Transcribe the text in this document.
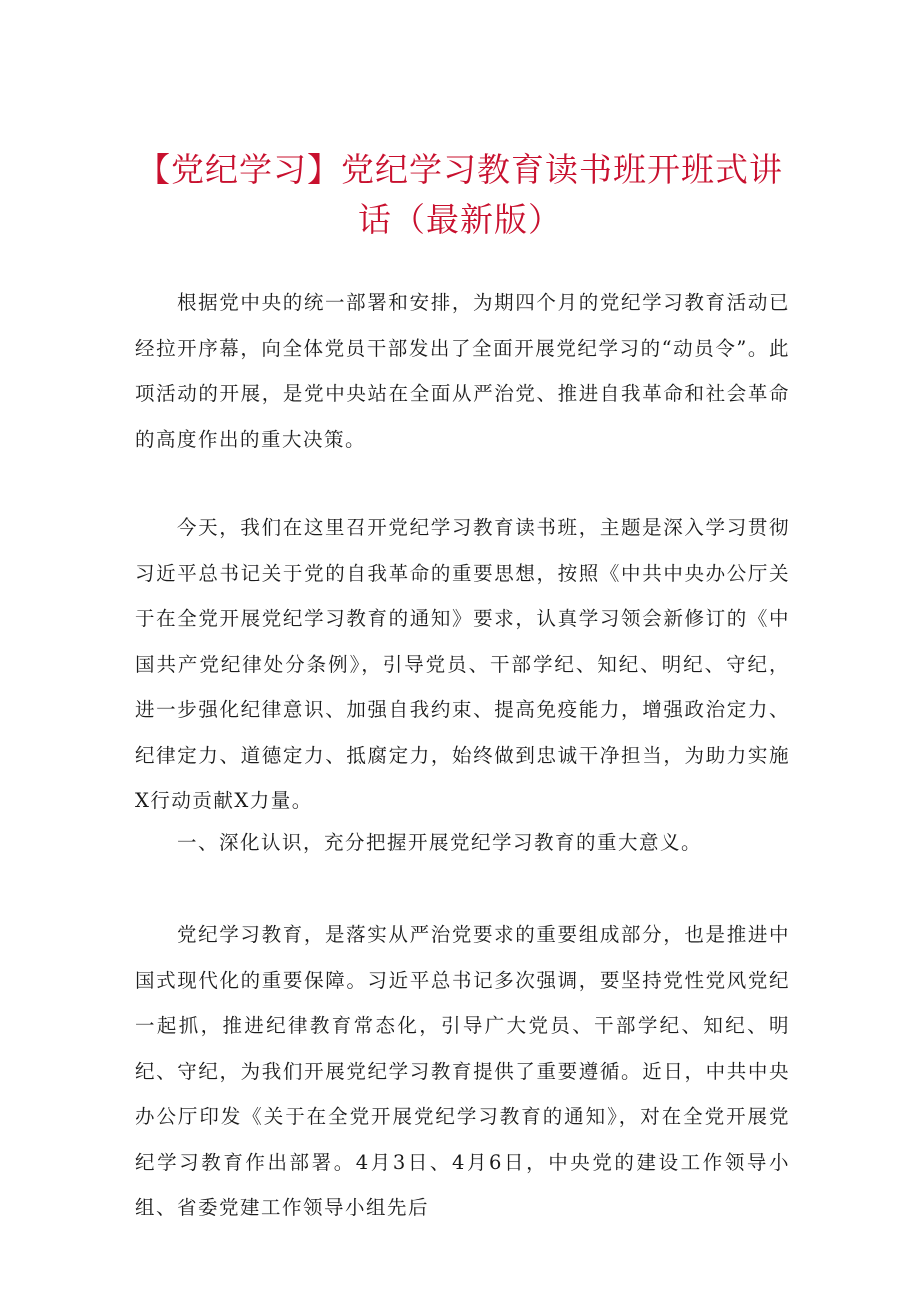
【党纪学习】党纪学习教育读书班开班式讲话（最新版）

根据党中央的统一部署和安排，为期四个月的党纪学习教育活动已经拉开序幕，向全体党员干部发出了全面开展党纪学习的“动员令”。此项活动的开展，是党中央站在全面从严治党、推进自我革命和社会革命的高度作出的重大决策。

今天，我们在这里召开党纪学习教育读书班，主题是深入学习贯彻习近平总书记关于党的自我革命的重要思想，按照《中共中央办公厅关于在全党开展党纪学习教育的通知》要求，认真学习领会新修订的《中国共产党纪律处分条例》，引导党员、干部学纪、知纪、明纪、守纪，进一步强化纪律意识、加强自我约束、提高免疫能力，增强政治定力、纪律定力、道德定力、抵腐定力，始终做到忠诚干净担当，为助力实施X行动贡献X力量。

一、深化认识，充分把握开展党纪学习教育的重大意义。

党纪学习教育，是落实从严治党要求的重要组成部分，也是推进中国式现代化的重要保障。习近平总书记多次强调，要坚持党性党风党纪一起抓，推进纪律教育常态化，引导广大党员、干部学纪、知纪、明纪、守纪，为我们开展党纪学习教育提供了重要遵循。近日，中共中央办公厅印发《关于在全党开展党纪学习教育的通知》，对在全党开展党纪学习教育作出部署。4月3日、4月6日，中央党的建设工作领导小组、省委党建工作领导小组先后
